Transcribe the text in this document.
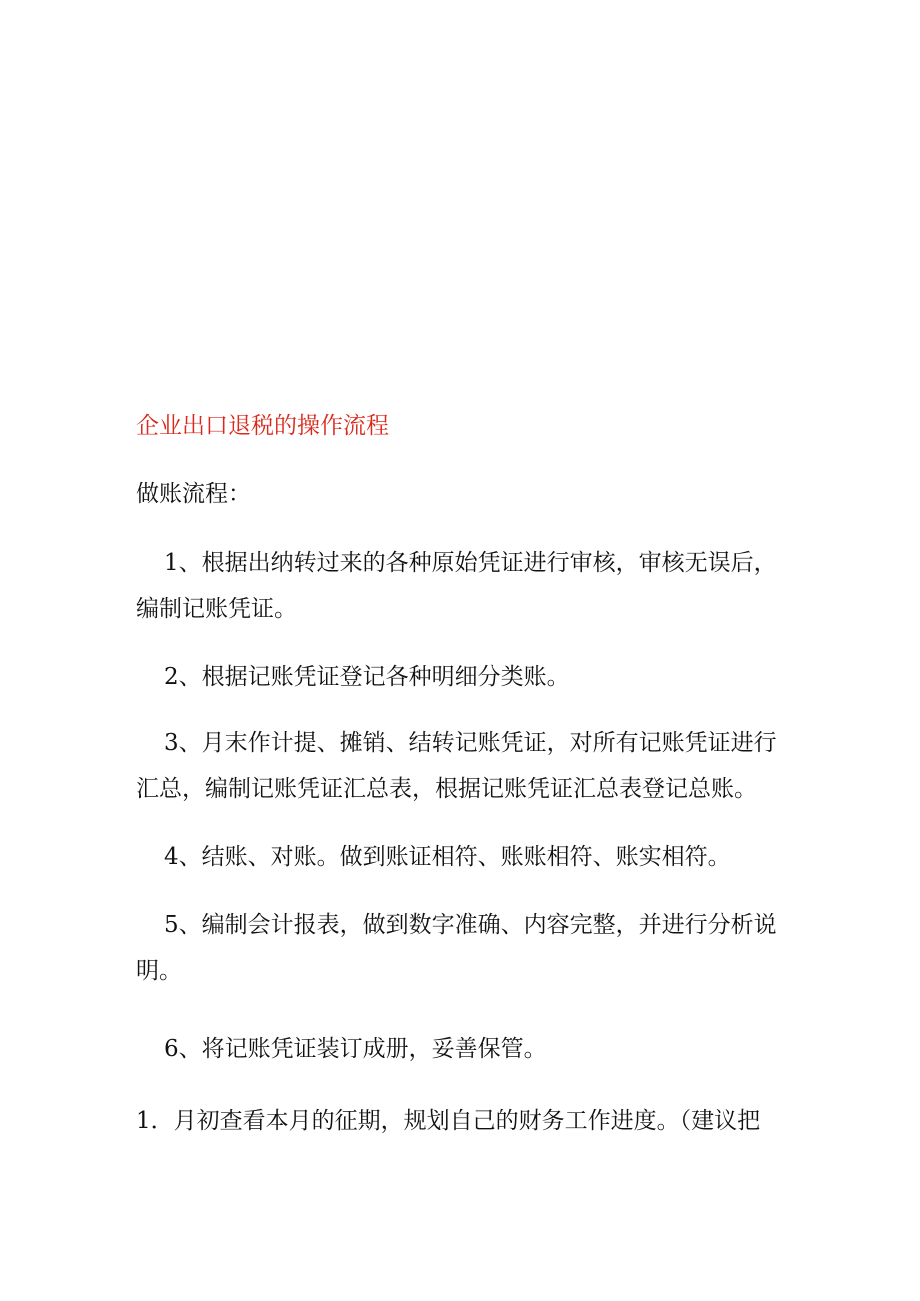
企业出口退税的操作流程
做账流程：
1、根据出纳转过来的各种原始凭证进行审核，审核无误后，编制记账凭证。
2、根据记账凭证登记各种明细分类账。
3、月末作计提、摊销、结转记账凭证，对所有记账凭证进行汇总，编制记账凭证汇总表，根据记账凭证汇总表登记总账。
4、结账、对账。做到账证相符、账账相符、账实相符。
5、编制会计报表，做到数字准确、内容完整，并进行分析说明。
6、将记账凭证装订成册，妥善保管。
1．月初查看本月的征期，规划自己的财务工作进度。（建议把
